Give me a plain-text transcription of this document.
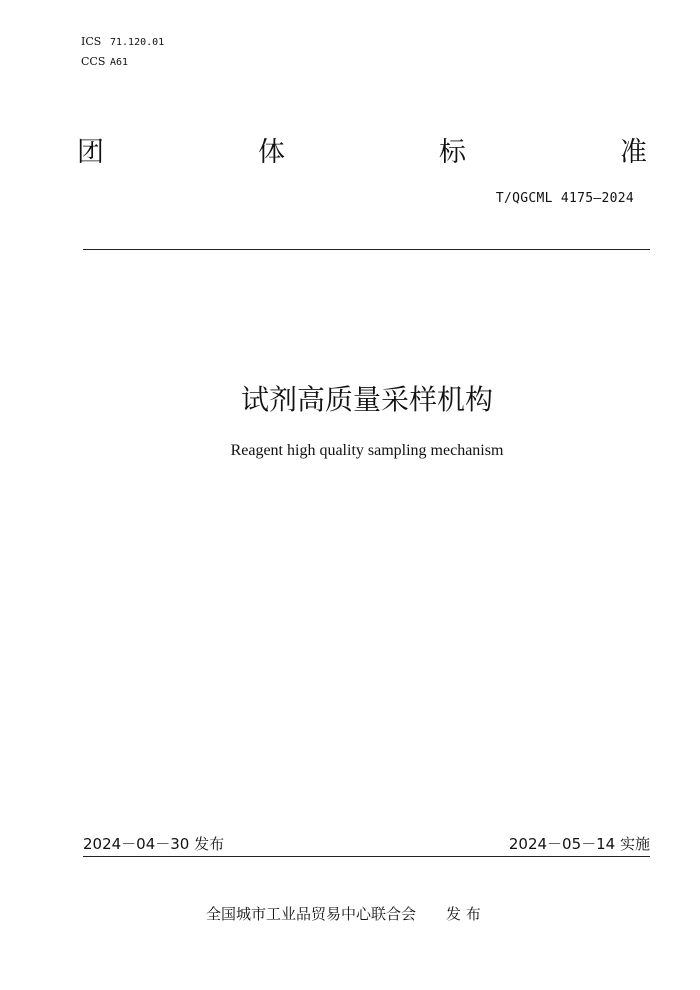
ICS 71.120.01
CCS A61
团	体	标	准
T/QGCML 4175—2024
试剂高质量采样机构
Reagent high quality sampling mechanism
2024－04－30 发布	2024－05－14 实施
全国城市工业品贸易中心联合会 发 布
